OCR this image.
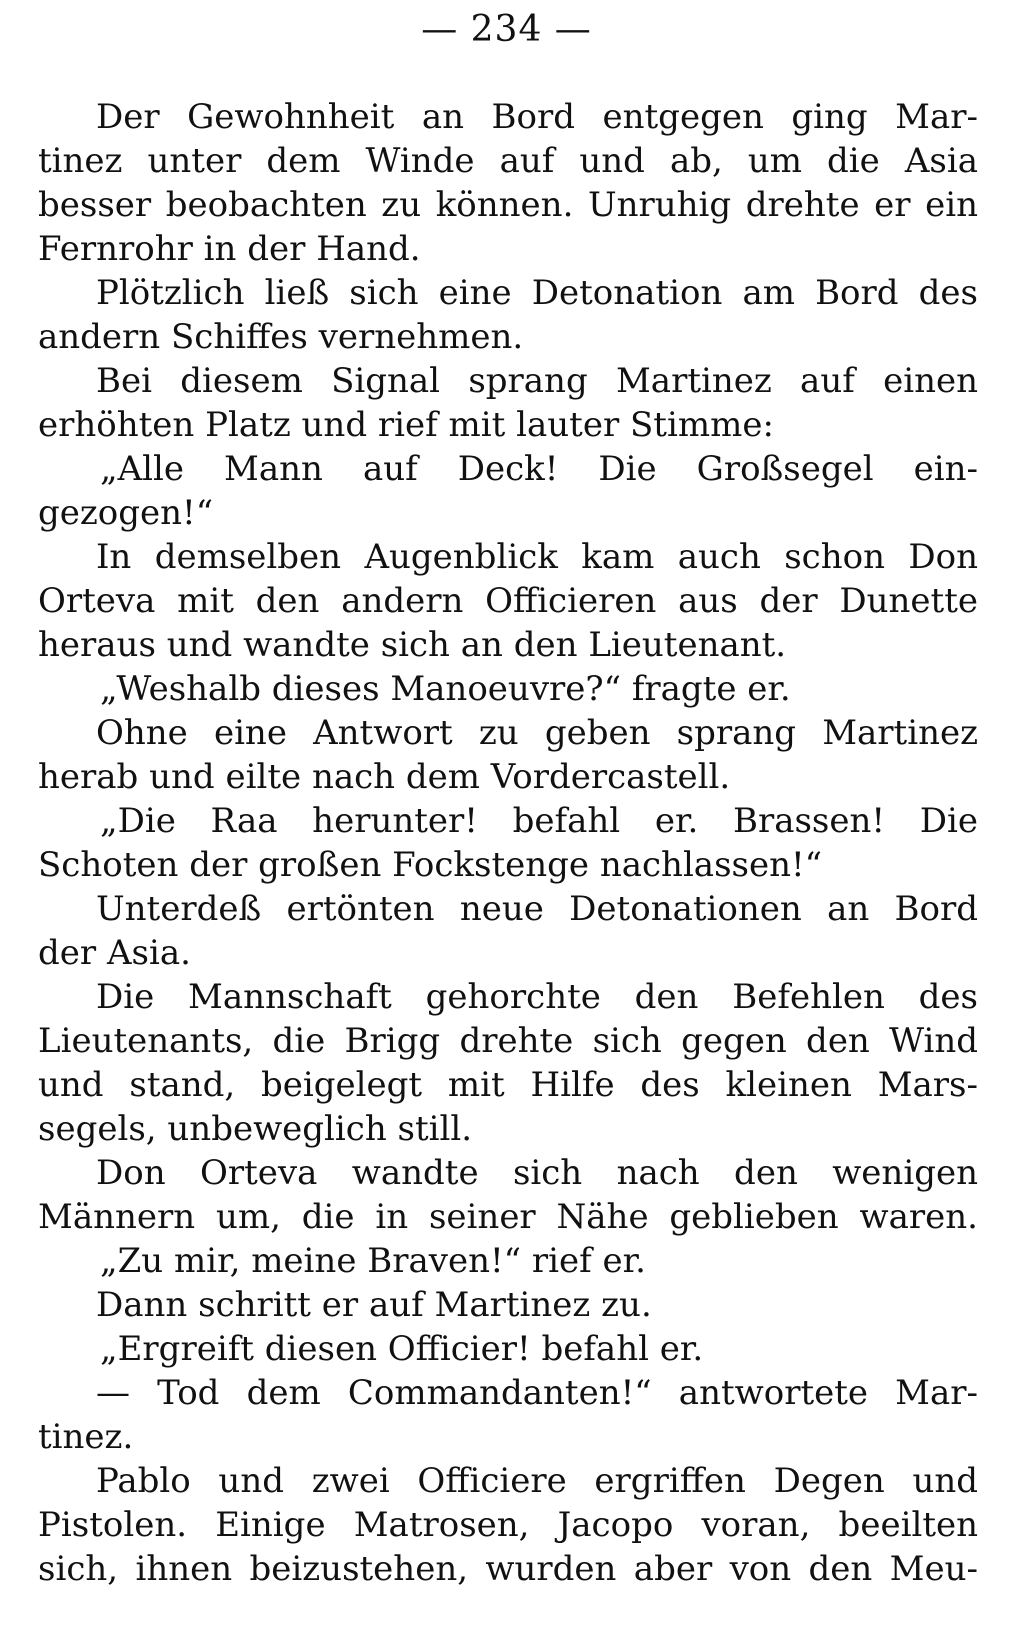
— 234 —
Der Gewohnheit an Bord entgegen ging Mar-
tinez unter dem Winde auf und ab, um die Asia
besser beobachten zu können. Unruhig drehte er ein
Fernrohr in der Hand.
Plötzlich ließ sich eine Detonation am Bord des
andern Schiffes vernehmen.
Bei diesem Signal sprang Martinez auf einen
erhöhten Platz und rief mit lauter Stimme:
„Alle Mann auf Deck! Die Großsegel ein-
gezogen!“
In demselben Augenblick kam auch schon Don
Orteva mit den andern Officieren aus der Dunette
heraus und wandte sich an den Lieutenant.
„Weshalb dieses Manoeuvre?“ fragte er.
Ohne eine Antwort zu geben sprang Martinez
herab und eilte nach dem Vordercastell.
„Die Raa herunter! befahl er. Brassen! Die
Schoten der großen Fockstenge nachlassen!“
Unterdeß ertönten neue Detonationen an Bord
der Asia.
Die Mannschaft gehorchte den Befehlen des
Lieutenants, die Brigg drehte sich gegen den Wind
und stand, beigelegt mit Hilfe des kleinen Mars-
segels, unbeweglich still.
Don Orteva wandte sich nach den wenigen
Männern um, die in seiner Nähe geblieben waren.
„Zu mir, meine Braven!“ rief er.
Dann schritt er auf Martinez zu.
„Ergreift diesen Officier! befahl er.
— Tod dem Commandanten!“ antwortete Mar-
tinez.
Pablo und zwei Officiere ergriffen Degen und
Pistolen. Einige Matrosen, Jacopo voran, beeilten
sich, ihnen beizustehen, wurden aber von den Meu-
